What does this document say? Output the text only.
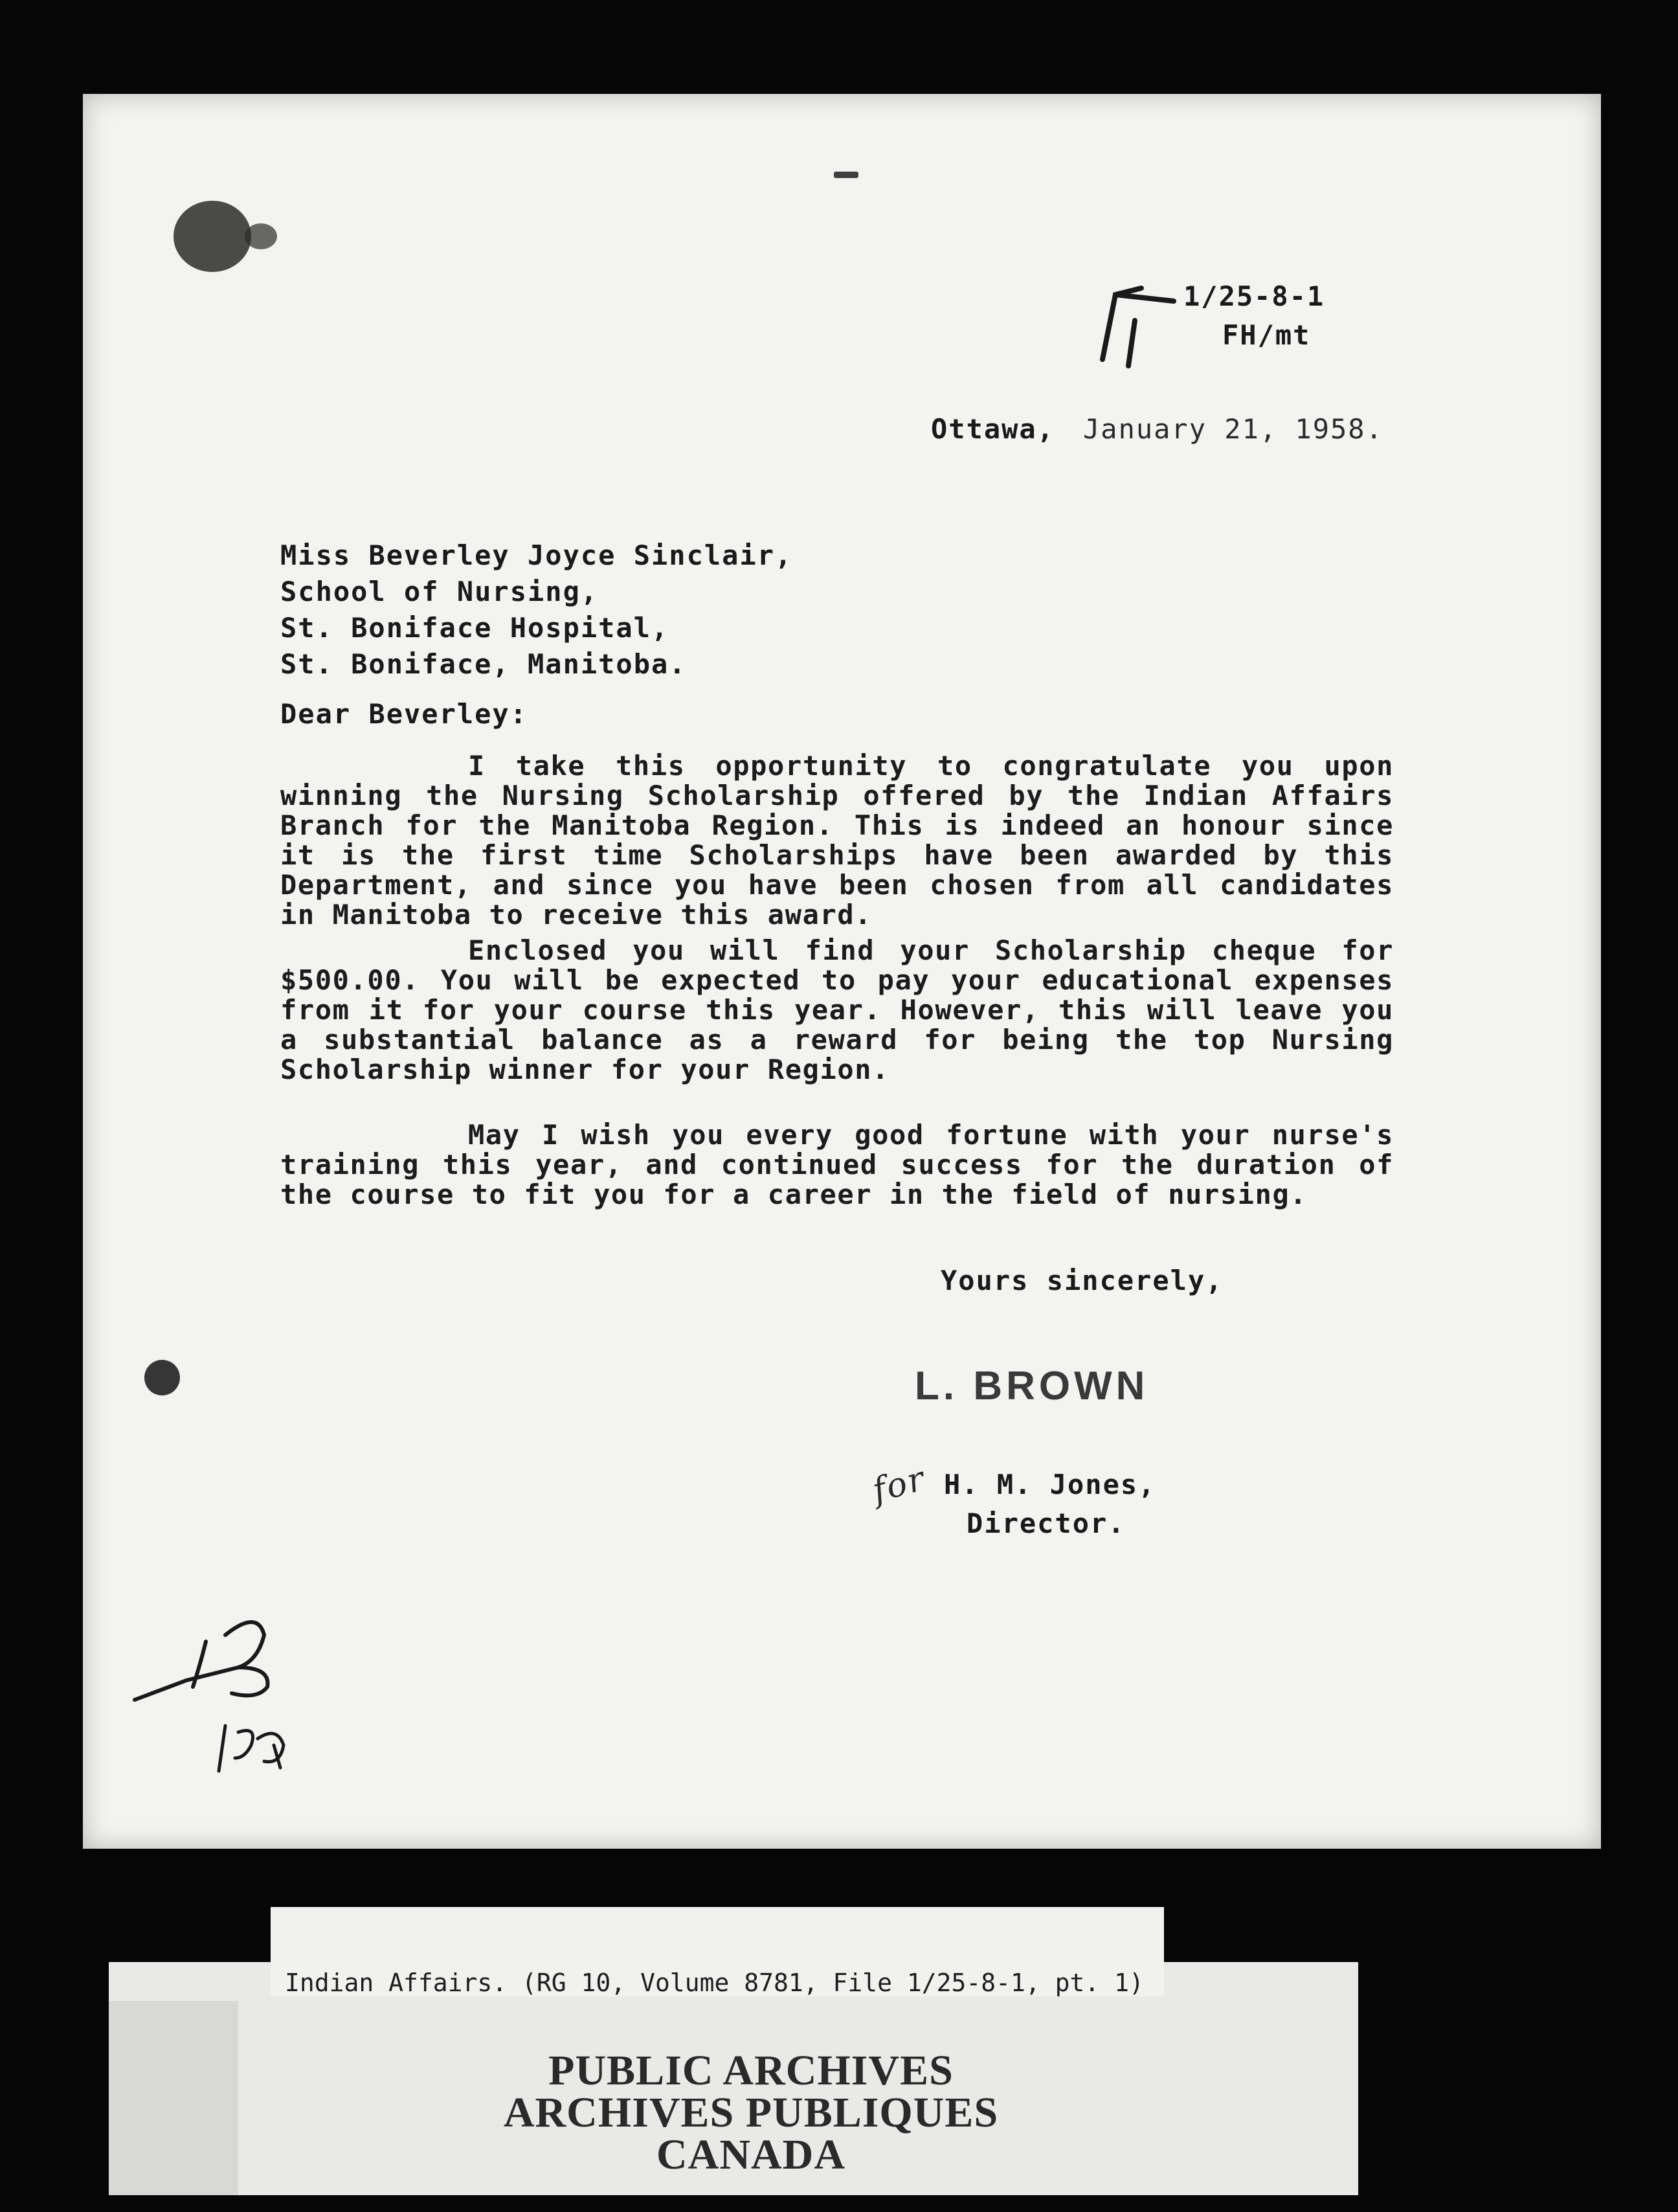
1/25-8-1
FH/mt
Ottawa, January 21, 1958.
Miss Beverley Joyce Sinclair,
School of Nursing,
St. Boniface Hospital,
St. Boniface, Manitoba.
Dear Beverley:
I take this opportunity to congratulate you upon winning the Nursing Scholarship offered by the Indian Affairs Branch for the Manitoba Region. This is indeed an honour since it is the first time Scholarships have been awarded by this Department, and since you have been chosen from all candidates in Manitoba to receive this award.
Enclosed you will find your Scholarship cheque for $500.00. You will be expected to pay your educational expenses from it for your course this year. However, this will leave you a substantial balance as a reward for being the top Nursing Scholarship winner for your Region.
May I wish you every good fortune with your nurse's training this year, and continued success for the duration of the course to fit you for a career in the field of nursing.
Yours sincerely,
L. BROWN
for H. M. Jones,
Director.
Indian Affairs. (RG 10, Volume 8781, File 1/25-8-1, pt. 1)
PUBLIC ARCHIVES
ARCHIVES PUBLIQUES
CANADA
